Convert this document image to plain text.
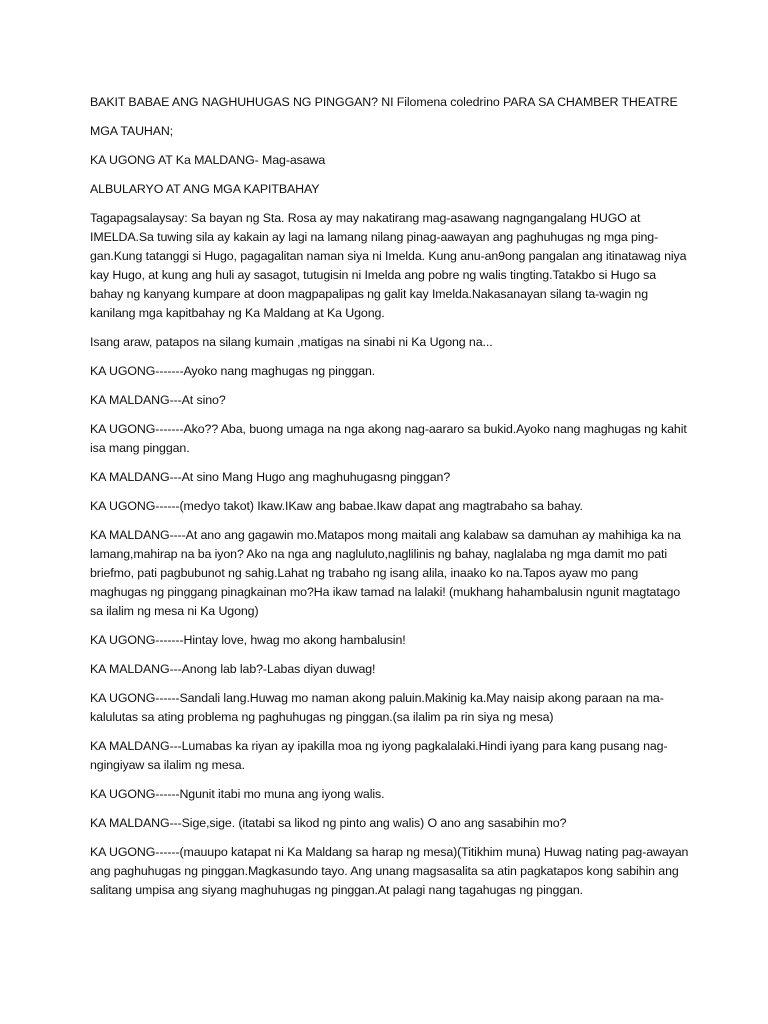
BAKIT BABAE ANG NAGHUHUGAS NG PINGGAN? NI Filomena coledrino PARA SA CHAMBER THEATRE

MGA TAUHAN;

KA UGONG AT Ka MALDANG- Mag-asawa

ALBULARYO AT ANG MGA KAPITBAHAY

Tagapagsalaysay: Sa bayan ng Sta. Rosa ay may nakatirang mag-asawang nagngangalang HUGO at IMELDA.Sa tuwing sila ay kakain ay lagi na lamang nilang pinag-aawayan ang paghuhugas ng mga ping-gan.Kung tatanggi si Hugo, pagagalitan naman siya ni Imelda. Kung anu-an9ong pangalan ang itinatawag niya kay Hugo, at kung ang huli ay sasagot, tutugisin ni Imelda ang pobre ng walis tingting.Tatakbo si Hugo sa bahay ng kanyang kumpare at doon magpapalipas ng galit kay Imelda.Nakasanayan silang ta-wagin ng kanilang mga kapitbahay ng Ka Maldang at Ka Ugong.

Isang araw, patapos na silang kumain ,matigas na sinabi ni Ka Ugong na...

KA UGONG-------Ayoko nang maghugas ng pinggan.

KA MALDANG---At sino?

KA UGONG-------Ako?? Aba, buong umaga na nga akong nag-aararo sa bukid.Ayoko nang maghugas ng kahit isa mang pinggan.

KA MALDANG---At sino Mang Hugo ang maghuhugasng pinggan?

KA UGONG------(medyo takot) Ikaw.IKaw ang babae.Ikaw dapat ang magtrabaho sa bahay.

KA MALDANG----At ano ang gagawin mo.Matapos mong maitali ang kalabaw sa damuhan ay mahihiga ka na lamang,mahirap na ba iyon? Ako na nga ang nagluluto,naglilinis ng bahay, naglalaba ng mga damit mo pati briefmo, pati pagbubunot ng sahig.Lahat ng trabaho ng isang alila, inaako ko na.Tapos ayaw mo pang maghugas ng pinggang pinagkainan mo?Ha ikaw tamad na lalaki! (mukhang hahambalusin ngunit magtatago sa ilalim ng mesa ni Ka Ugong)

KA UGONG-------Hintay love, hwag mo akong hambalusin!

KA MALDANG---Anong lab lab?-Labas diyan duwag!

KA UGONG------Sandali lang.Huwag mo naman akong paluin.Makinig ka.May naisip akong paraan na ma-kalulutas sa ating problema ng paghuhugas ng pinggan.(sa ilalim pa rin siya ng mesa)

KA MALDANG---Lumabas ka riyan ay ipakilla moa ng iyong pagkalalaki.Hindi iyang para kang pusang nag-ngingiyaw sa ilalim ng mesa.

KA UGONG------Ngunit itabi mo muna ang iyong walis.

KA MALDANG---Sige,sige. (itatabi sa likod ng pinto ang walis) O ano ang sasabihin mo?

KA UGONG------(mauupo katapat ni Ka Maldang sa harap ng mesa)(Titikhim muna) Huwag nating pag-awayan ang paghuhugas ng pinggan.Magkasundo tayo. Ang unang magsasalita sa atin pagkatapos kong sabihin ang salitang umpisa ang siyang maghuhugas ng pinggan.At palagi nang tagahugas ng pinggan.
